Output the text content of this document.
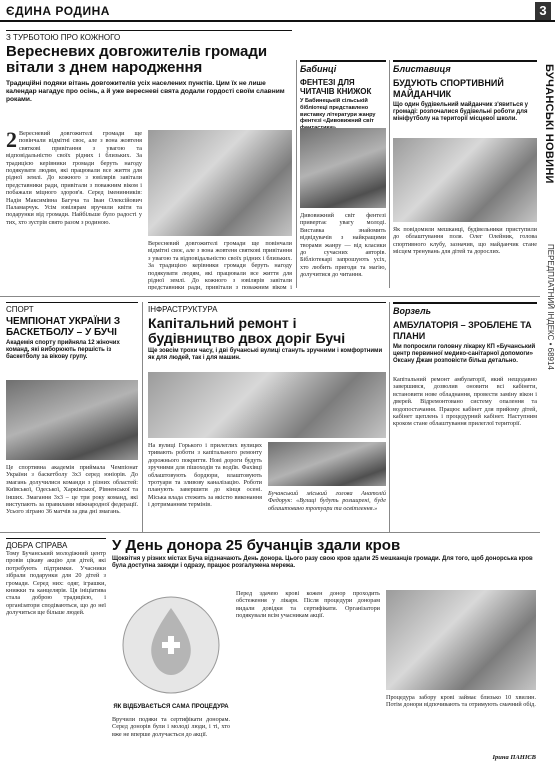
ЄДИНА РОДИНА	3
БУЧАНСЬКІ НОВИНИ
ПЕРЕДПЛАТНИЙ ІНДЕКС • 68914
З ТУРБОТОЮ ПРО КОЖНОГО
Вересневих довгожителів громади вітали з днем народження
Традиційні подяки вітань довгожителів усіх населених пунктів. Цим їх не лише календар нагадує про осінь, а й уже вересневі свята додали гордості своїм славним роками.
2 Вересневий довгожителі громади ще повінчали відмітні своє, але з вона жовтеня святкові привітання з увагою та відповідальністю своїх рідних і близьких. За традицією керівники громади беруть нагоду подякувати людям, які працювали все життя для рідної землі. До кожного з ювілярів завітали представники ради, привітали з поважним віком і побажали міцного здоров'я. Серед іменинників: Надія Максимівна Багуча та Іван Олексійович Паламарчук. Усім ювілярам вручили квіти та подарунки від громади. Найбільше було радості у тих, хто зустрів свято разом з родиною.
Вересневий довгожителі громади ще повінчали відмітні своє, але з вона жовтеня святкові привітання з увагою та відповідальністю своїх рідних і близьких. За традицією керівники громади беруть нагоду подякувати людям, які працювали все життя для рідної землі. До кожного з ювілярів завітали представники ради, привітали з поважним віком і
Бабинці
ФЕНТЕЗІ ДЛЯ ЧИТАЧІВ КНИЖОК
У Бабинецькій сільській бібліотеці представлено виставку літератури жанру фентезі «Дивовижний світ
Дивовижний світ фентезі привертає увагу молоді. Виставка знайомить відвідувачів з найкращими творами жанру — від класики до сучасних авторів. Бібліотекарі запрошують усіх, хто любить пригоди та магію, долучитися до читання.
Блиставиця
БУДУЮТЬ СПОРТИВНИЙ МАЙДАНЧИК
Що один будівельний майданчик з'явиться у громаді: розпочалися будівельні роботи для мініфутболу на території місцевої школи.
Як повідомили мешканці, будівельники приступили до облаштування поля. Олег Олейник, голова спортивного клубу, зазначив, що майданчик стане місцем тренувань для дітей та дорослих.
СПОРТ
ЧЕМПІОНАТ УКРАЇНИ З БАСКЕТБОЛУ – У БУЧІ
Академія спорту прийняла 12 жіночих команд, які виборюють першість із баскетболу за вікову групу.
Це спортивна академія приймала Чемпіонат України з баскетболу 3х3 серед юніорів. До змагань долучилися команди з різних областей: Київської, Одеської, Харківської, Рівненської та інших. Змагання 3х3 – це три року команд, які виступають за правилами міжнародної федерації. Усього зіграно 36 матчів за два дні змагань.
ІНФРАСТРУКТУРА
Капітальний ремонт і будівництво двох доріг Бучі
Ще зовсім трохи часу, і дві бучанські вулиці стануть зручними і комфортними як для людей, так і для машин.
На вулиці Горького і прилеглих вулицях тривають роботи з капітального ремонту дорожнього покриття. Нові дороги будуть зручними для пішоходів та водіїв. Фахівці облаштовують бордюри, влаштовують тротуари та зливову каналізацію. Роботи планують завершити до кінця осені. Міська влада стежить за якістю виконання і дотриманням термінів.
Бучанський міський голова Анатолій Федорук: «Вулиці будуть розширені, буде облаштовано тротуари та освітлення.»
Ворзель
АМБУЛАТОРІЯ – ЗРОБЛЕНЕ ТА ПЛАНИ
Ми попросили головну лікарку КП «Бучанський центр первинної медико-санітарної допомоги» Оксану Джам розповісти більш детально.
Капітальний ремонт амбулаторії, який нещодавно завершився, дозволив оновити всі кабінети, встановити нове обладнання, провести заміну вікон і дверей. Відремонтовано систему опалення та водопостачання. Працює кабінет для прийому дітей, кабінет щеплень і процедурний кабінет. Наступним кроком стане облаштування прилеглої території.
ДОБРА СПРАВА
Тому Бучанський молодіжний центр провів цікаву акцію для дітей, які потребують підтримки. Учасники зібрали подарунки для 20 дітей з громади. Серед них: одяг, іграшки, книжки та канцелярія. Ця ініціатива стала доброю традицією, і організатори сподіваються, що до неї долучиться ще більше людей.
У День донора 25 бучанців здали кров
Щоквітня у різних містах Буча відзначають День донора. Цього разу свою кров здали 25 мешканців громади. Для того, щоб донорська кров була доступна завжди і одразу, працює розгалужена мережа.
ЯК ВІДБУВАЄТЬСЯ САМА ПРОЦЕДУРА
Вручили подяки та сертифікати донорам. Серед донорів були і молоді люди, і ті, хто вже не вперше долучається до акції.
Перед здачею крові кожен донор проходить обстеження у лікаря. Після процедури донорам видали довідки та сертифікати. Організатори подякували всім учасникам акції.
Процедура забору крові займає близько 10 хвилин. Потім донори відпочивають та отримують смачний обід.
Ірина ПАНІЄВ
